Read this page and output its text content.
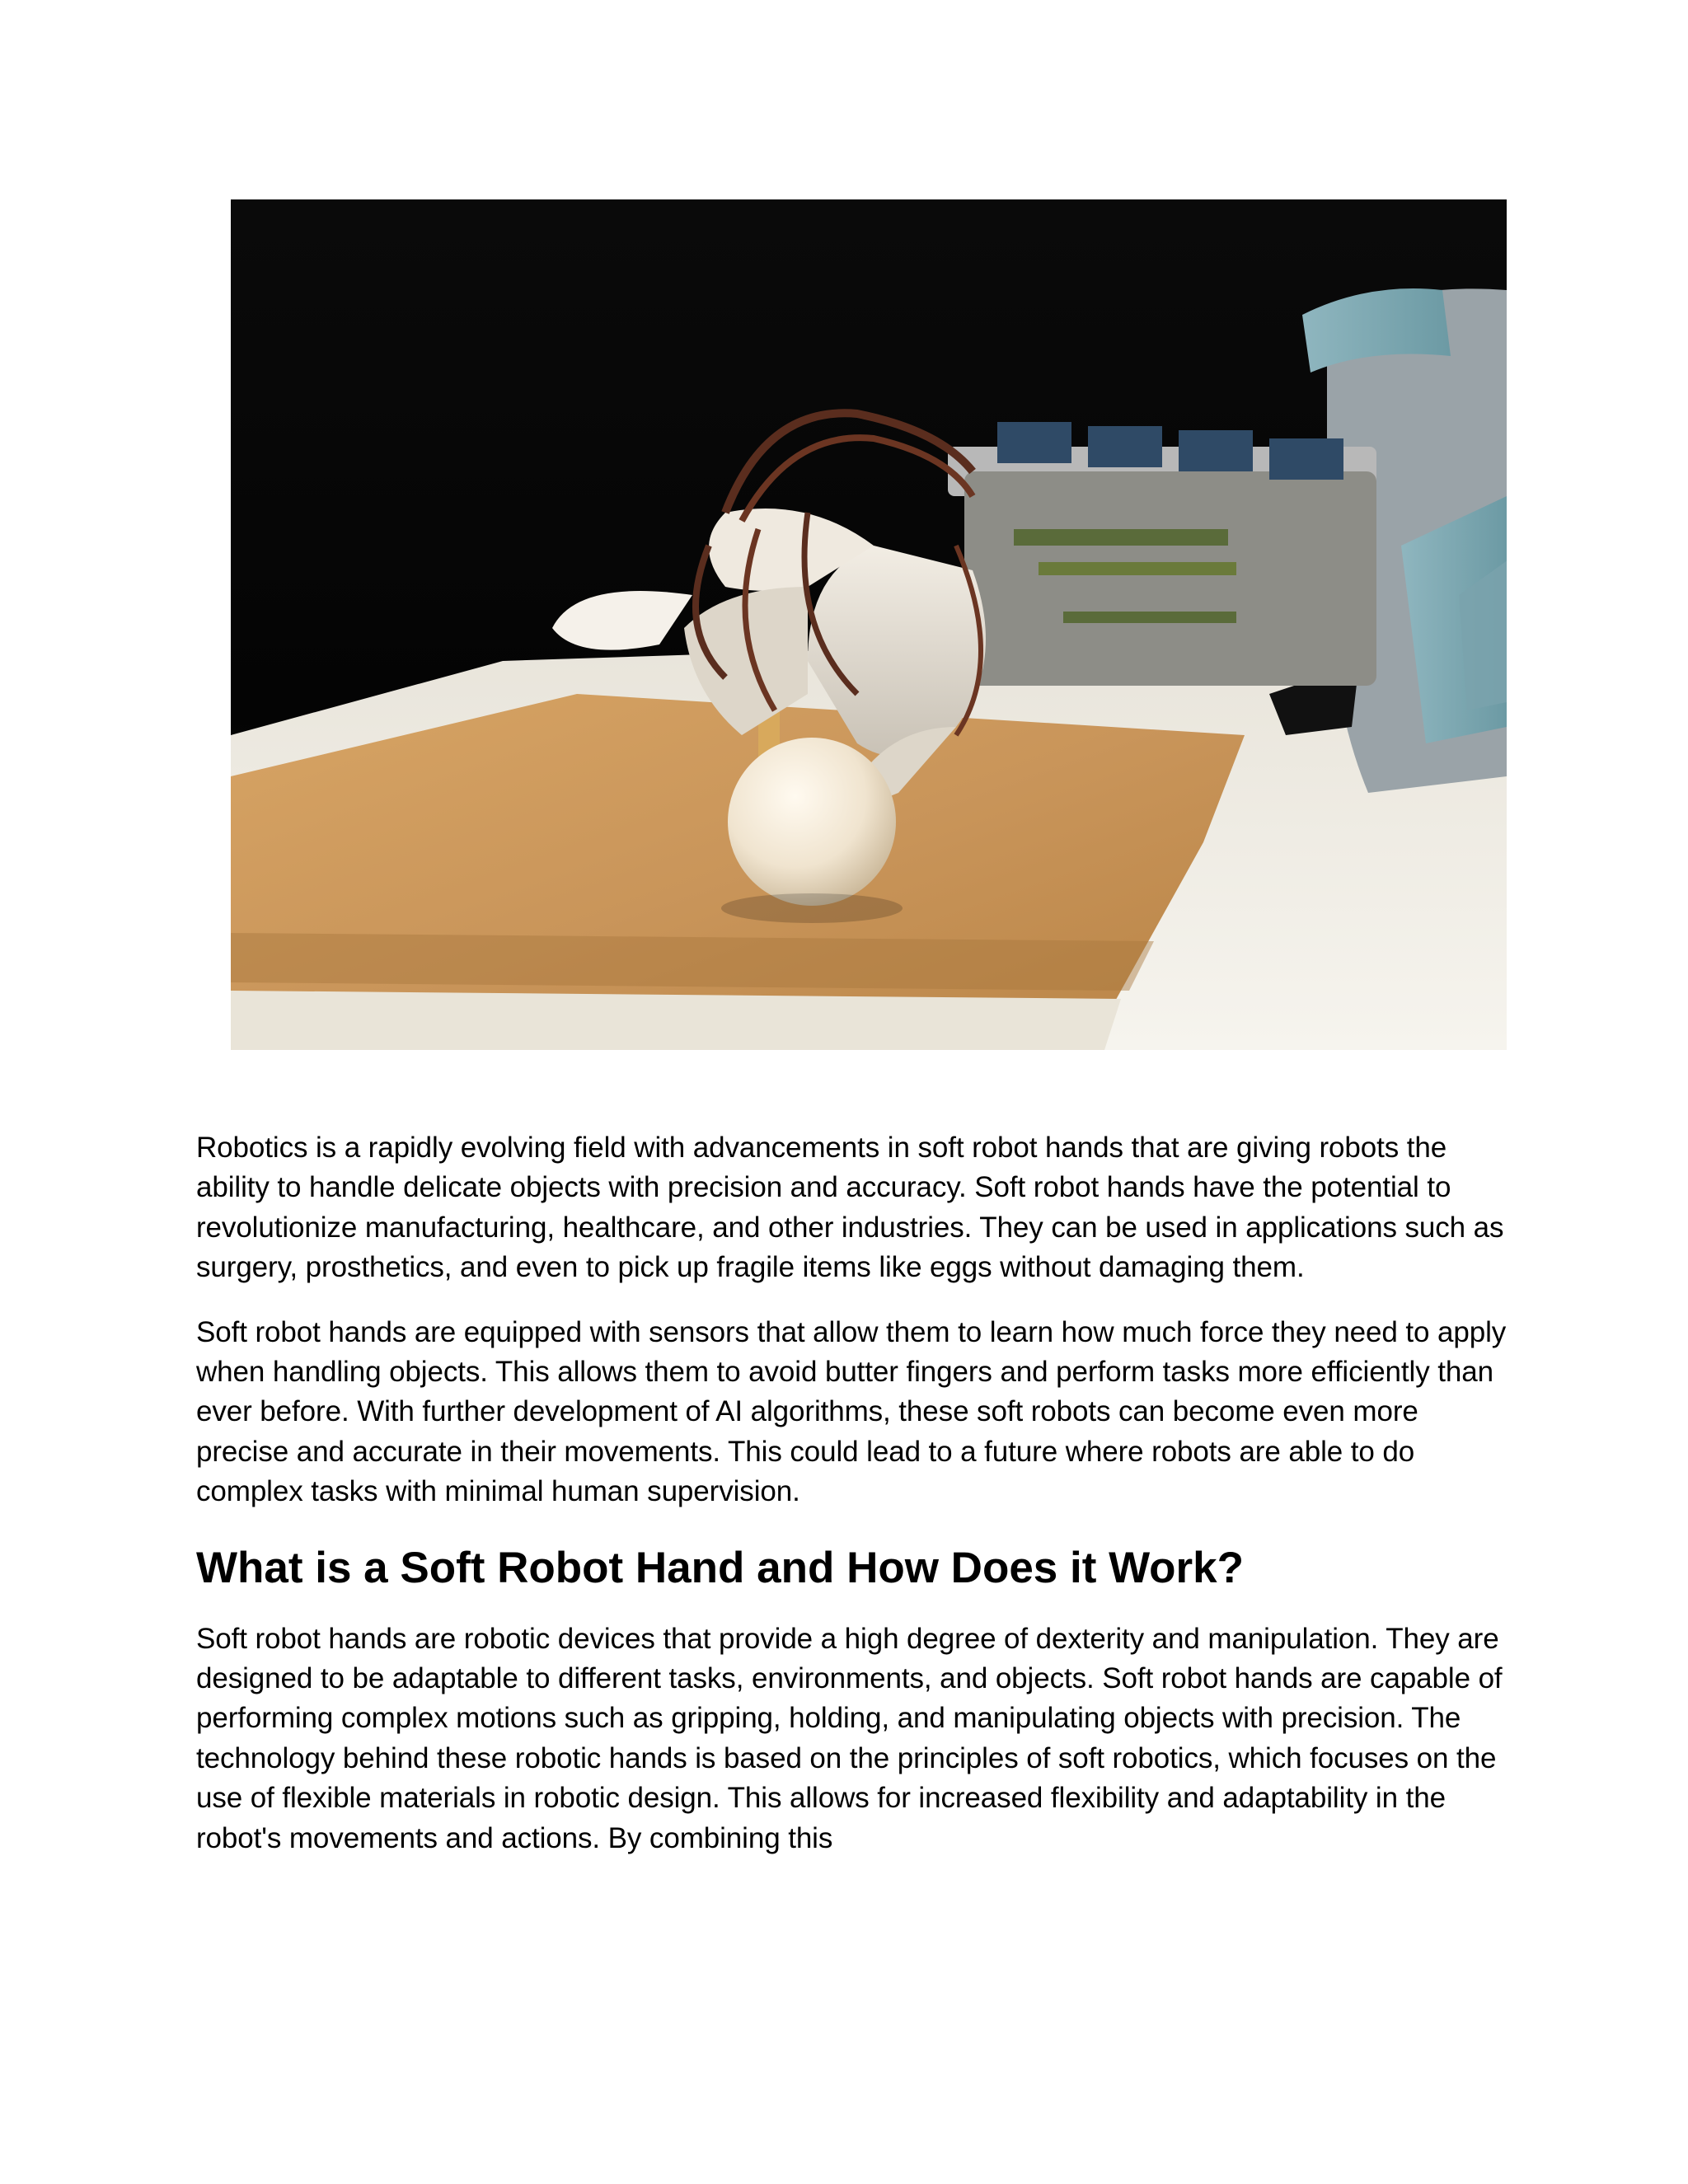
Robotics is a rapidly evolving field with advancements in soft robot hands that are giving robots the ability to handle delicate objects with precision and accuracy. Soft robot hands have the potential to revolutionize manufacturing, healthcare, and other industries. They can be used in applications such as surgery, prosthetics, and even to pick up fragile items like eggs without damaging them.

Soft robot hands are equipped with sensors that allow them to learn how much force they need to apply when handling objects. This allows them to avoid butter fingers and perform tasks more efficiently than ever before. With further development of AI algorithms, these soft robots can become even more precise and accurate in their movements. This could lead to a future where robots are able to do complex tasks with minimal human supervision.

What is a Soft Robot Hand and How Does it Work?

Soft robot hands are robotic devices that provide a high degree of dexterity and manipulation. They are designed to be adaptable to different tasks, environments, and objects. Soft robot hands are capable of performing complex motions such as gripping, holding, and manipulating objects with precision. The technology behind these robotic hands is based on the principles of soft robotics, which focuses on the use of flexible materials in robotic design. This allows for increased flexibility and adaptability in the robot's movements and actions. By combining this
